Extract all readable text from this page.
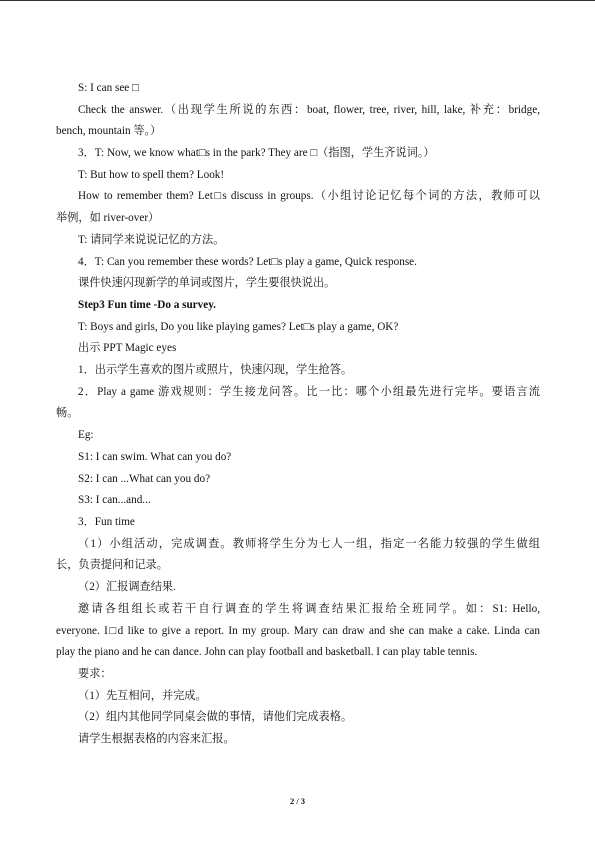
S: I can see □
Check the answer.（出现学生所说的东西：boat, flower, tree, river, hill, lake, 补充：bridge,
bench, mountain 等。）
3．T: Now, we know what□s in the park? They are □（指图，学生齐说词。）
T: But how to spell them? Look!
How to remember them? Let□s discuss in groups.（小组讨论记忆每个词的方法，教师可以
举例，如 river-over）
T: 请同学来说说记忆的方法。
4．T: Can you remember these words? Let□s play a game, Quick response.
课件快速闪现新学的单词或图片，学生要很快说出。
Step3 Fun time -Do a survey.
T: Boys and girls, Do you like playing games? Let□s play a game, OK?
出示 PPT Magic eyes
1．出示学生喜欢的图片或照片，快速闪现，学生抢答。
2．Play a game 游戏规则：学生接龙问答。比一比：哪个小组最先进行完毕。要语言流
畅。
Eg:
S1: I can swim. What can you do?
S2: I can ...What can you do?
S3: I can...and...
3．Fun time
（1）小组活动，完成调查。教师将学生分为七人一组，指定一名能力较强的学生做组
长，负责提问和记录。
（2）汇报调查结果.
邀请各组组长或若干自行调查的学生将调查结果汇报给全班同学。如：S1: Hello,
everyone. I□d like to give a report. In my group. Mary can draw and she can make a cake. Linda can
play the piano and he can dance. John can play football and basketball. I can play table tennis.
要求：
（1）先互相问，并完成。
（2）组内其他同学同桌会做的事情，请他们完成表格。
请学生根据表格的内容来汇报。
2 / 3
